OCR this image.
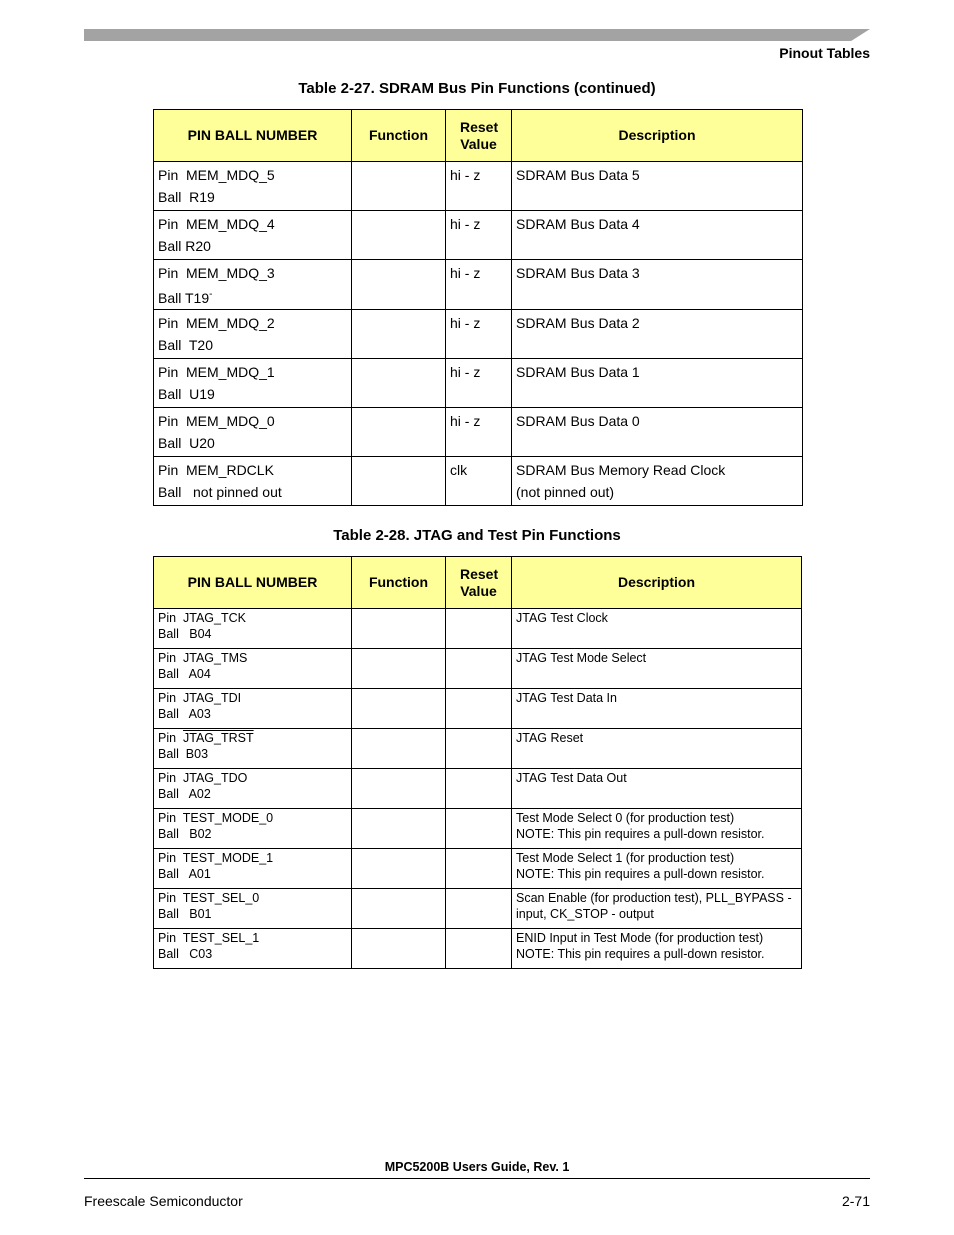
Pinout Tables
Table 2-27. SDRAM Bus Pin Functions (continued)
PIN BALL NUMBER	Function	Reset Value	Description

Pin  MEM_MDQ_5
Ball  R19		hi - z	SDRAM Bus Data 5

Pin  MEM_MDQ_4
Ball R20		hi - z	SDRAM Bus Data 4

Pin  MEM_MDQ_3
Ball T19-		hi - z	SDRAM Bus Data 3

Pin  MEM_MDQ_2
Ball  T20		hi - z	SDRAM Bus Data 2

Pin  MEM_MDQ_1
Ball  U19		hi - z	SDRAM Bus Data 1

Pin  MEM_MDQ_0
Ball  U20		hi - z	SDRAM Bus Data 0

Pin  MEM_RDCLK
Ball   not pinned out		clk	SDRAM Bus Memory Read Clock
(not pinned out)
Table 2-28. JTAG and Test Pin Functions
PIN BALL NUMBER	Function	Reset Value	Description

Pin  JTAG_TCK
Ball   B04			JTAG Test Clock

Pin  JTAG_TMS
Ball   A04			JTAG Test Mode Select

Pin  JTAG_TDI
Ball   A03			JTAG Test Data In

Pin  JTAG_TRST
Ball  B03			JTAG Reset

Pin  JTAG_TDO
Ball   A02			JTAG Test Data Out

Pin  TEST_MODE_0
Ball   B02			Test Mode Select 0 (for production test)
NOTE: This pin requires a pull-down resistor.

Pin  TEST_MODE_1
Ball   A01			Test Mode Select 1 (for production test)
NOTE: This pin requires a pull-down resistor.

Pin  TEST_SEL_0
Ball   B01			Scan Enable (for production test), PLL_BYPASS -
input, CK_STOP - output

Pin  TEST_SEL_1
Ball   C03			ENID Input in Test Mode (for production test)
NOTE: This pin requires a pull-down resistor.
MPC5200B Users Guide, Rev. 1
Freescale Semiconductor	2-71
